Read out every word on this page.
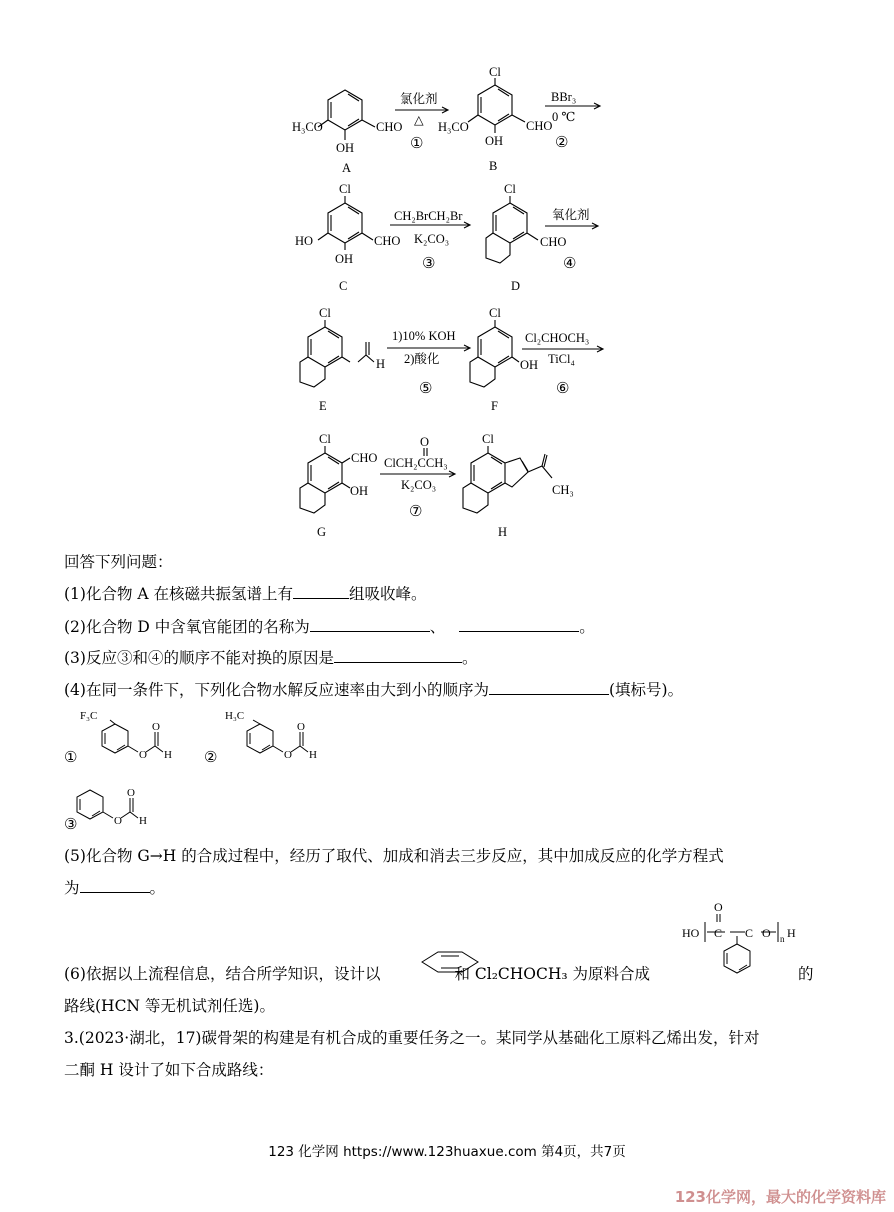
H₃CO	CHO
OH
A
氯化剂
△
①
Cl
H₃CO	CHO
OH
B
BBr₃
0 ℃
②
Cl
HO	CHO
OH
C
CH₂BrCH₂Br
K₂CO₃
③
Cl
CHO
D
氧化剂
④
Cl
H
E
1)10% KOH
2)酸化
⑤
Cl
OH
F
Cl₂CHOCH₃
TiCl₄
⑥
Cl
CHO
OH
G
O
ClCH₂CCH₃
K₂CO₃
⑦
Cl
CH₃
H
回答下列问题：
(1)化合物 A 在核磁共振氢谱上有	组吸收峰。
(2)化合物 D 中含氧官能团的名称为	、	。
(3)反应③和④的顺序不能对换的原因是	。
(4)在同一条件下，下列化合物水解反应速率由大到小的顺序为	(填标号)。
F₃C
O H
O
H₃C
O H
O
O H
O
①	②
③
(5)化合物 G→H 的合成过程中，经历了取代、加成和消去三步反应，其中加成反应的化学方程式
为	。
HO
O
C C O H
n
(6)依据以上流程信息，结合所学知识，设计以	和 Cl₂CHOCH₃ 为原料合成	的
路线(HCN 等无机试剂任选)。
3.(2023·湖北，17)碳骨架的构建是有机合成的重要任务之一。某同学从基础化工原料乙烯出发，针对
二酮 H 设计了如下合成路线：
123 化学网 https://www.123huaxue.com 第4页，共7页
123化学网，最大的化学资料库
